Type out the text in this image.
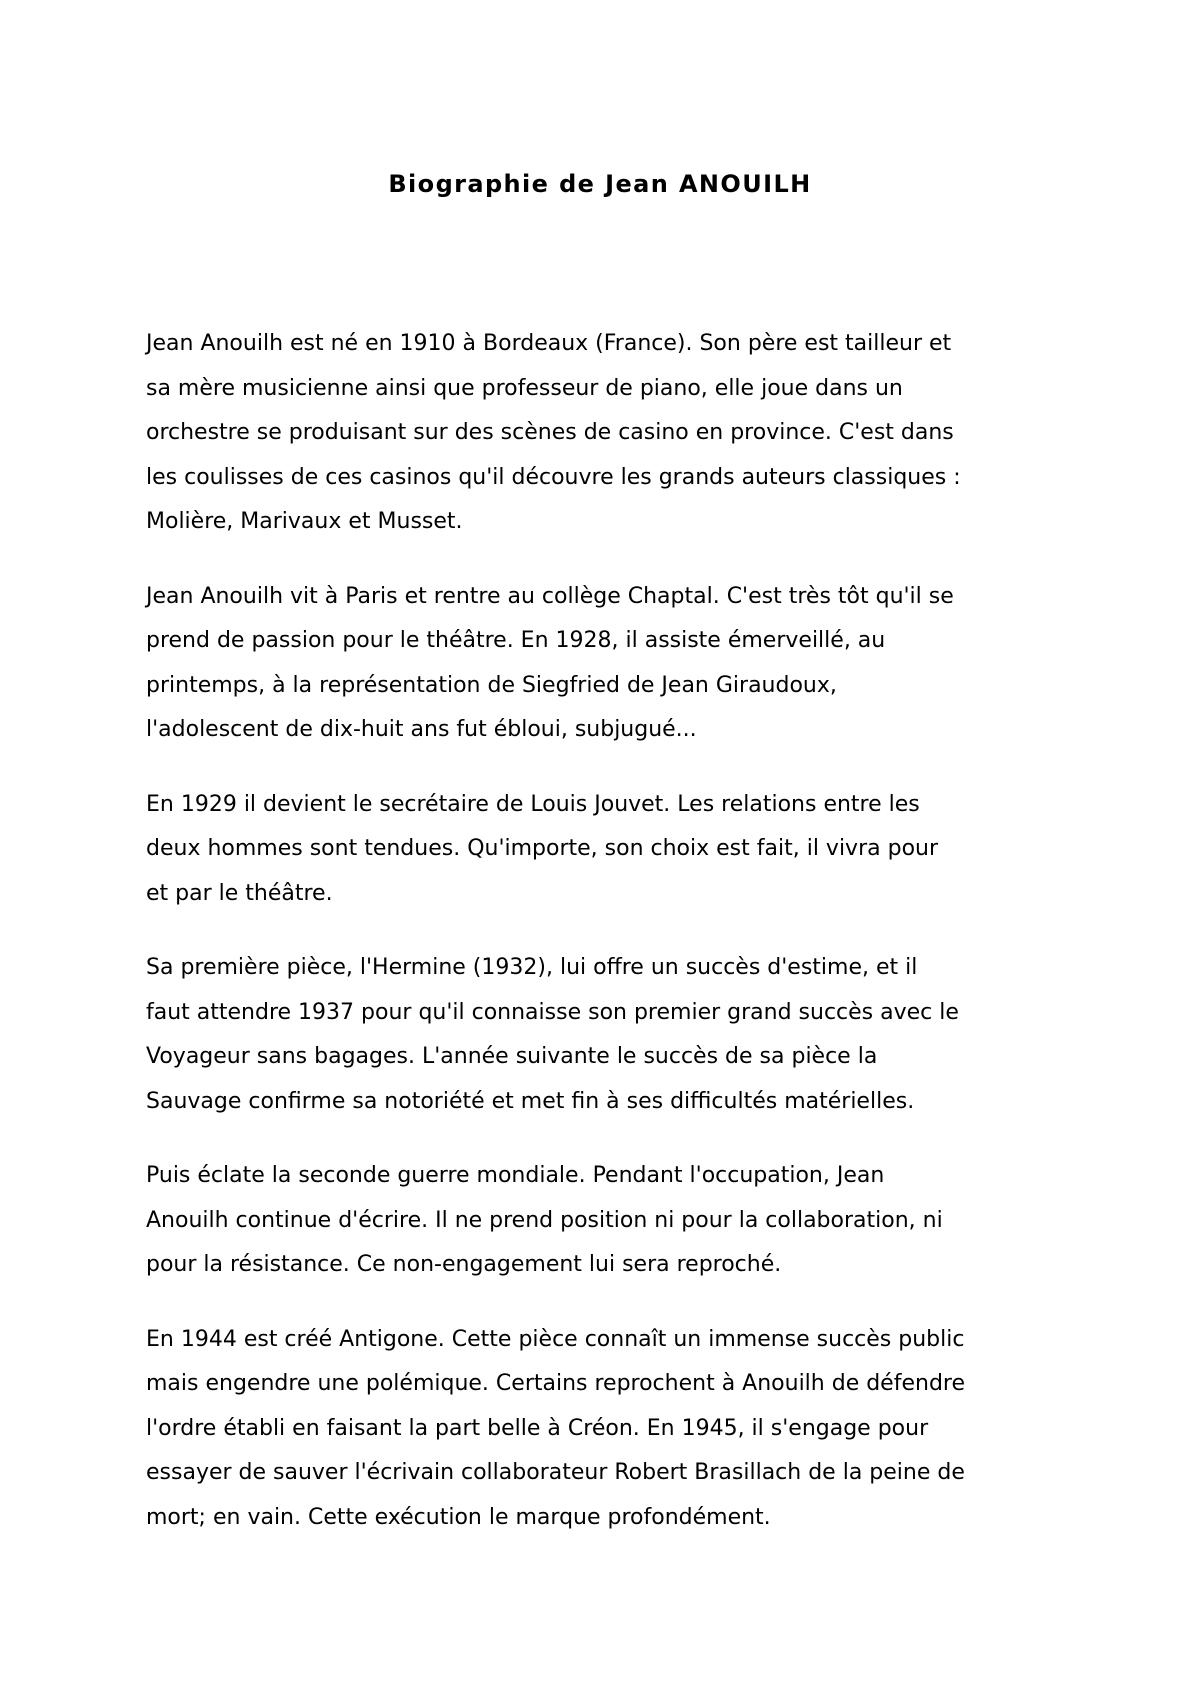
Biographie de Jean ANOUILH

Jean Anouilh est né en 1910 à Bordeaux (France). Son père est tailleur et
sa mère musicienne ainsi que professeur de piano, elle joue dans un
orchestre se produisant sur des scènes de casino en province. C'est dans
les coulisses de ces casinos qu'il découvre les grands auteurs classiques :
Molière, Marivaux et Musset.

Jean Anouilh vit à Paris et rentre au collège Chaptal. C'est très tôt qu'il se
prend de passion pour le théâtre. En 1928, il assiste émerveillé, au
printemps, à la représentation de Siegfried de Jean Giraudoux,
l'adolescent de dix-huit ans fut ébloui, subjugué...

En 1929 il devient le secrétaire de Louis Jouvet. Les relations entre les
deux hommes sont tendues. Qu'importe, son choix est fait, il vivra pour
et par le théâtre.

Sa première pièce, l'Hermine (1932), lui offre un succès d'estime, et il
faut attendre 1937 pour qu'il connaisse son premier grand succès avec le
Voyageur sans bagages. L'année suivante le succès de sa pièce la
Sauvage confirme sa notoriété et met fin à ses difficultés matérielles.

Puis éclate la seconde guerre mondiale. Pendant l'occupation, Jean
Anouilh continue d'écrire. Il ne prend position ni pour la collaboration, ni
pour la résistance. Ce non-engagement lui sera reproché.

En 1944 est créé Antigone. Cette pièce connaît un immense succès public
mais engendre une polémique. Certains reprochent à Anouilh de défendre
l'ordre établi en faisant la part belle à Créon. En 1945, il s'engage pour
essayer de sauver l'écrivain collaborateur Robert Brasillach de la peine de
mort; en vain. Cette exécution le marque profondément.
